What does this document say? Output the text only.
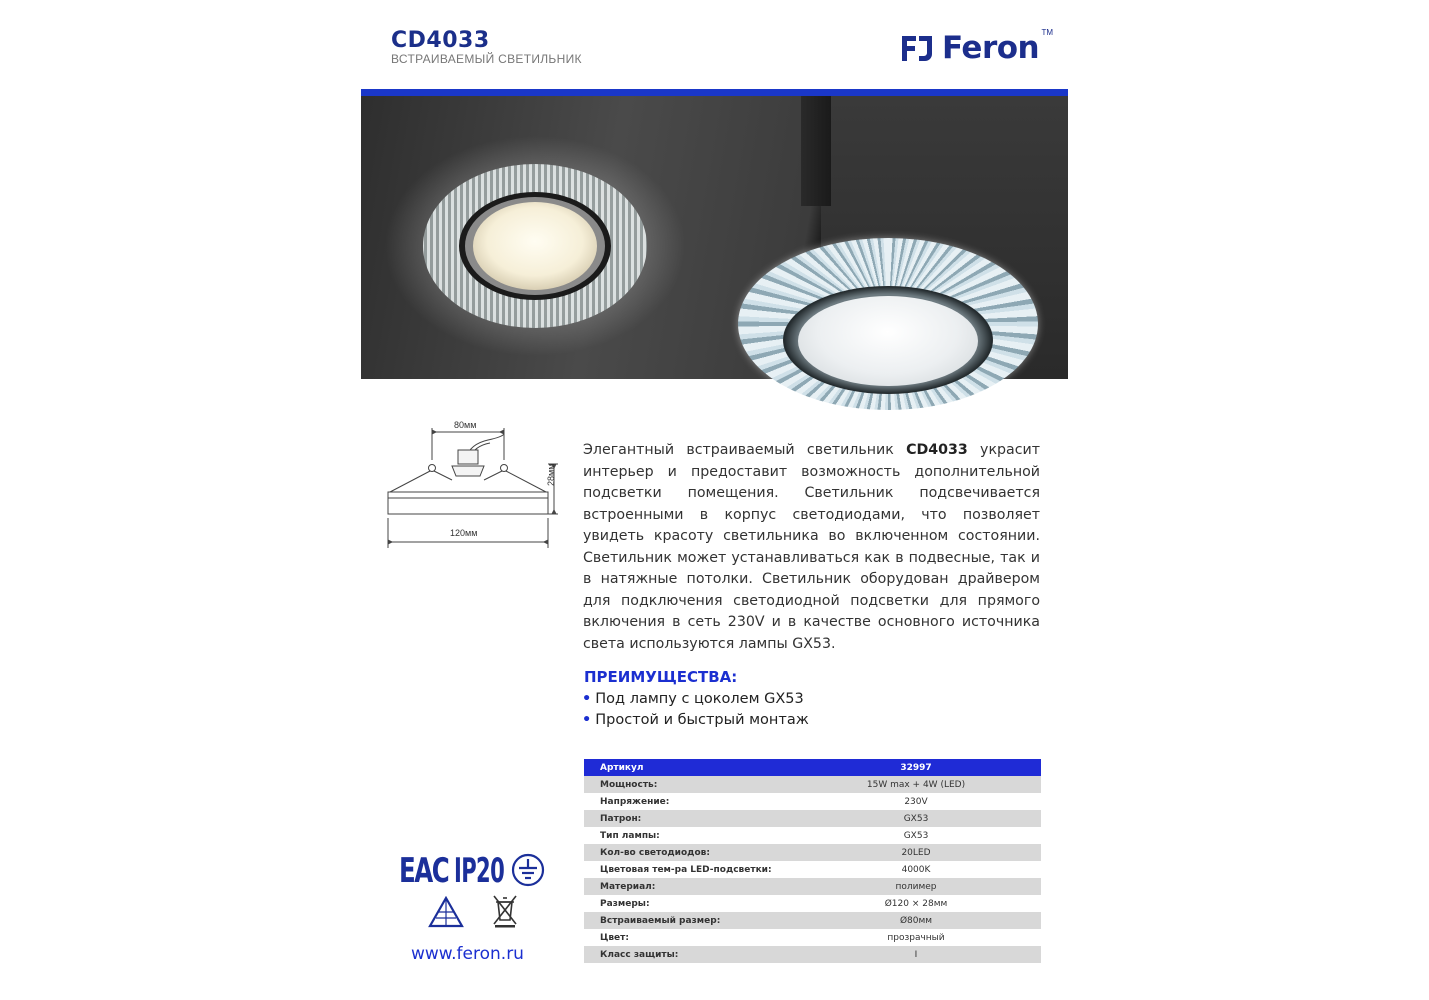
CD4033
ВСТРАИВАЕМЫЙ СВЕТИЛЬНИК	Feron TM
80мм
28мм
120мм
Элегантный встраиваемый светильник CD4033 украсит интерьер и предоставит возможность дополнительной подсветки помещения. Светильник подсвечивается встроенными в корпус светодиодами, что позволяет увидеть красоту светильника во включенном состоянии. Светильник может устанавливаться как в подвесные, так и в натяжные потолки. Светильник оборудован драйвером для подключения светодиодной подсветки для прямого включения в сеть 230V и в качестве основного источника света используются лампы GX53.
ПРЕИМУЩЕСТВА:
• Под лампу с цоколем GX53
• Простой и быстрый монтаж
Артикул	32997
Мощность:	15W max + 4W (LED)
Напряжение:	230V
Патрон:	GX53
Тип лампы:	GX53
Кол-во светодиодов:	20LED
Цветовая тем-ра LED-подсветки:	4000K
Материал:	полимер
Размеры:	Ø120 × 28мм
Встраиваемый размер:	Ø80мм
Цвет:	прозрачный
Класс защиты:	I
ЕАС IP20
www.feron.ru
